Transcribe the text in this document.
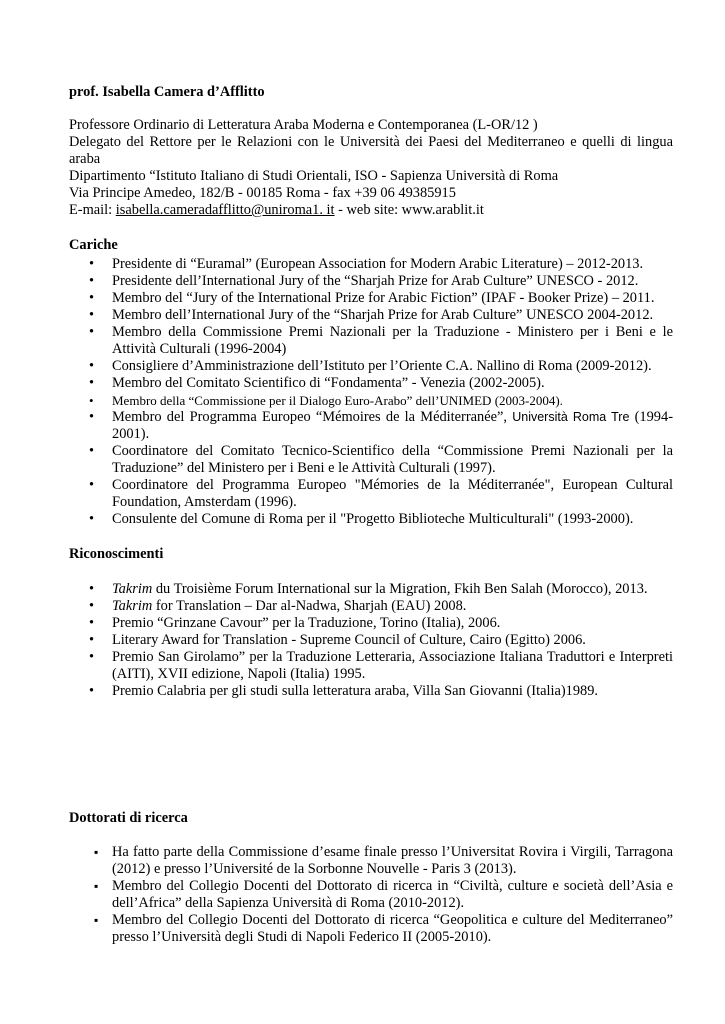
prof. Isabella Camera d’Afflitto

Professore Ordinario di Letteratura Araba Moderna e Contemporanea (L-OR/12 )

Delegato del Rettore per le Relazioni con le Università dei Paesi del Mediterraneo e quelli di lingua araba

Dipartimento “Istituto Italiano di Studi Orientali, ISO - Sapienza Università di Roma

Via Principe Amedeo, 182/B - 00185 Roma - fax +39 06 49385915

E-mail: isabella.cameradafflitto@uniroma1. it - web site: www.arablit.it

Cariche

• Presidente di “Euramal” (European Association for Modern Arabic Literature) – 2012-2013.
• Presidente dell’International Jury of the “Sharjah Prize for Arab Culture” UNESCO - 2012.
• Membro del “Jury of the International Prize for Arabic Fiction” (IPAF - Booker Prize) – 2011.
• Membro dell’International Jury of the “Sharjah Prize for Arab Culture” UNESCO 2004-2012.
• Membro della Commissione Premi Nazionali per la Traduzione - Ministero per i Beni e le Attività Culturali (1996-2004)
• Consigliere d’Amministrazione dell’Istituto per l’Oriente C.A. Nallino di Roma (2009-2012).
• Membro del Comitato Scientifico di “Fondamenta” - Venezia (2002-2005).
• Membro della “Commissione per il Dialogo Euro-Arabo” dell’UNIMED (2003-2004).
• Membro del Programma Europeo “Mémoires de la Méditerranée”, Università Roma Tre (1994-2001).
• Coordinatore del Comitato Tecnico-Scientifico della “Commissione Premi Nazionali per la Traduzione” del Ministero per i Beni e le Attività Culturali (1997).
• Coordinatore del Programma Europeo "Mémories de la Méditerranée", European Cultural Foundation, Amsterdam (1996).
• Consulente del Comune di Roma per il "Progetto Biblioteche Multiculturali" (1993-2000).

Riconoscimenti

• Takrim du Troisième Forum International sur la Migration, Fkih Ben Salah (Morocco), 2013.
• Takrim for Translation – Dar al-Nadwa, Sharjah (EAU) 2008.
• Premio “Grinzane Cavour” per la Traduzione, Torino (Italia), 2006.
• Literary Award for Translation - Supreme Council of Culture, Cairo (Egitto) 2006.
• Premio San Girolamo” per la Traduzione Letteraria, Associazione Italiana Traduttori e Interpreti (AITI), XVII edizione, Napoli (Italia) 1995.
• Premio Calabria per gli studi sulla letteratura araba, Villa San Giovanni (Italia)1989.

Dottorati di ricerca

▪ Ha fatto parte della Commissione d’esame finale presso l’Universitat Rovira i Virgili, Tarragona (2012) e presso l’Université de la Sorbonne Nouvelle - Paris 3 (2013).
▪ Membro del Collegio Docenti del Dottorato di ricerca in “Civiltà, culture e società dell’Asia e dell’Africa” della Sapienza Università di Roma (2010-2012).
▪ Membro del Collegio Docenti del Dottorato di ricerca “Geopolitica e culture del Mediterraneo” presso l’Università degli Studi di Napoli Federico II (2005-2010).
